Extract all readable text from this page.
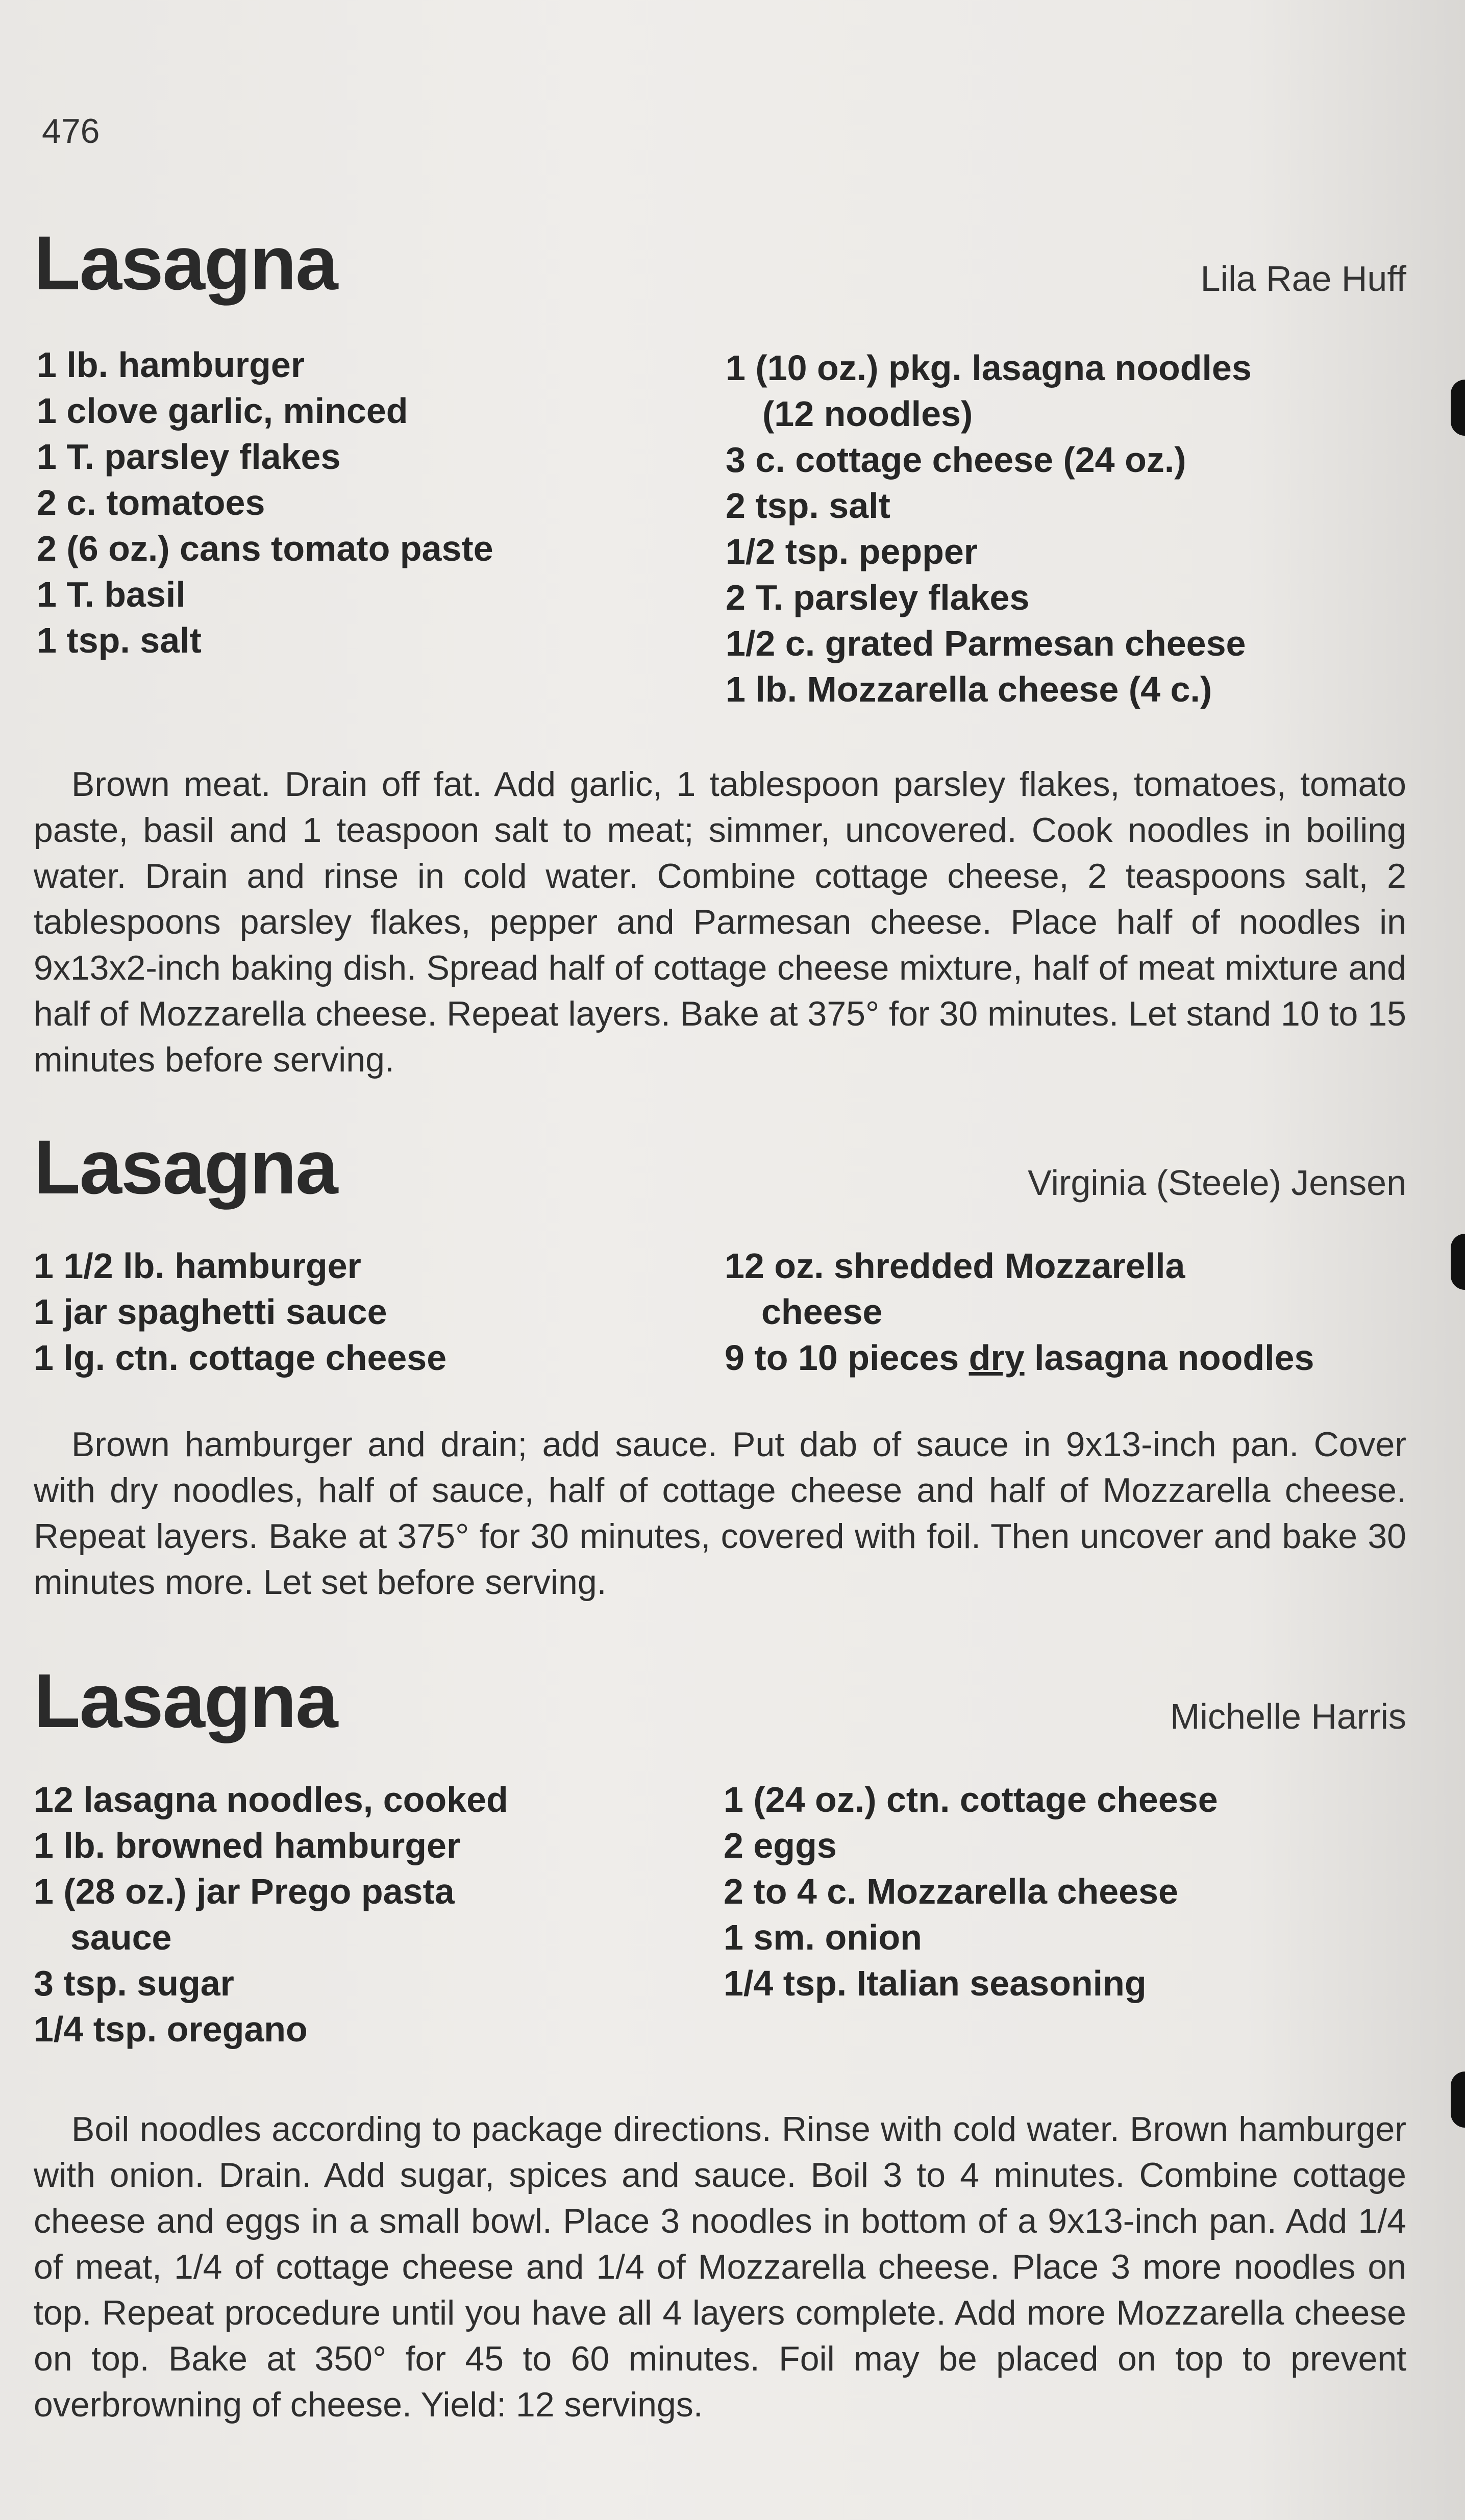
476
Lasagna	Lila Rae Huff
1 lb. hamburger
1 clove garlic, minced
1 T. parsley flakes
2 c. tomatoes
2 (6 oz.) cans tomato paste
1 T. basil
1 tsp. salt
1 (10 oz.) pkg. lasagna noodles
(12 noodles)
3 c. cottage cheese (24 oz.)
2 tsp. salt
1/2 tsp. pepper
2 T. parsley flakes
1/2 c. grated Parmesan cheese
1 lb. Mozzarella cheese (4 c.)
Brown meat. Drain off fat. Add garlic, 1 tablespoon parsley flakes, tomatoes, tomato paste, basil and 1 teaspoon salt to meat; simmer, uncovered. Cook noodles in boiling water. Drain and rinse in cold water. Combine cottage cheese, 2 teaspoons salt, 2 tablespoons parsley flakes, pepper and Parmesan cheese. Place half of noodles in 9x13x2-inch baking dish. Spread half of cottage cheese mixture, half of meat mixture and half of Mozzarella cheese. Repeat layers. Bake at 375° for 30 minutes. Let stand 10 to 15 minutes before serving.
Lasagna	Virginia (Steele) Jensen
1 1/2 lb. hamburger
1 jar spaghetti sauce
1 lg. ctn. cottage cheese
12 oz. shredded Mozzarella
cheese
9 to 10 pieces dry lasagna noodles
Brown hamburger and drain; add sauce. Put dab of sauce in 9x13-inch pan. Cover with dry noodles, half of sauce, half of cottage cheese and half of Mozzarella cheese. Repeat layers. Bake at 375° for 30 minutes, covered with foil. Then uncover and bake 30 minutes more. Let set before serving.
Lasagna	Michelle Harris
12 lasagna noodles, cooked
1 lb. browned hamburger
1 (28 oz.) jar Prego pasta
sauce
3 tsp. sugar
1/4 tsp. oregano
1 (24 oz.) ctn. cottage cheese
2 eggs
2 to 4 c. Mozzarella cheese
1 sm. onion
1/4 tsp. Italian seasoning
Boil noodles according to package directions. Rinse with cold water. Brown hamburger with onion. Drain. Add sugar, spices and sauce. Boil 3 to 4 minutes. Combine cottage cheese and eggs in a small bowl. Place 3 noodles in bottom of a 9x13-inch pan. Add 1/4 of meat, 1/4 of cottage cheese and 1/4 of Mozzarella cheese. Place 3 more noodles on top. Repeat procedure until you have all 4 layers complete. Add more Mozzarella cheese on top. Bake at 350° for 45 to 60 minutes. Foil may be placed on top to prevent overbrowning of cheese. Yield: 12 servings.
